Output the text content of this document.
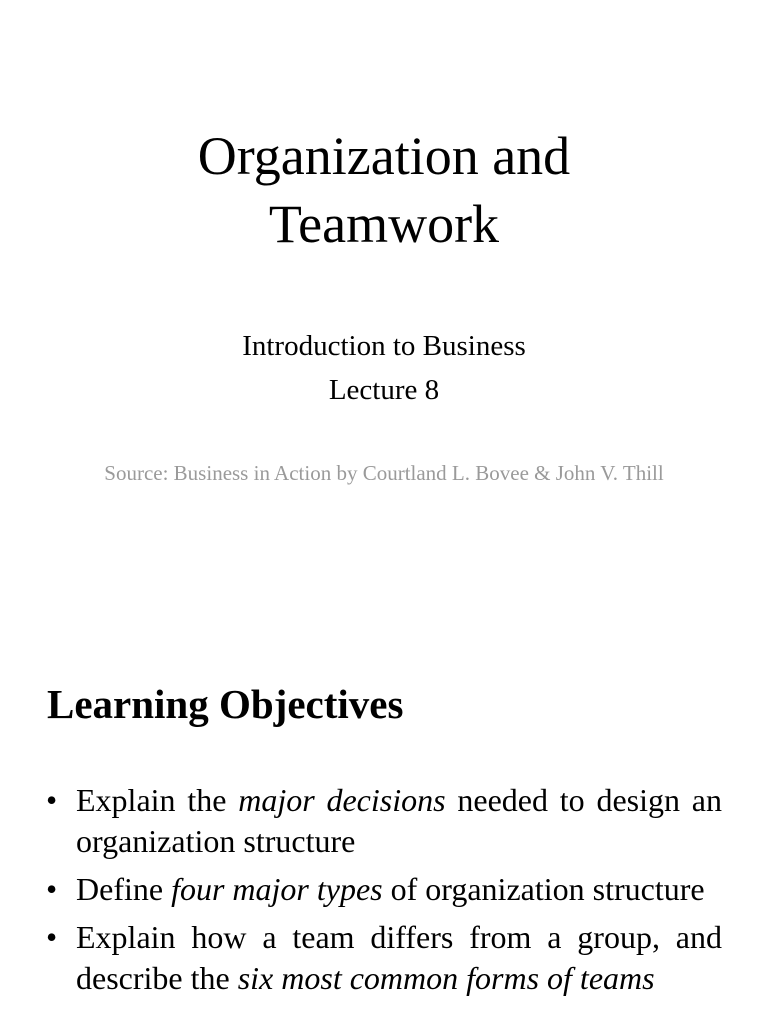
Organization and
Teamwork
Introduction to Business
Lecture 8
Source: Business in Action by Courtland L. Bovee & John V. Thill
Learning Objectives
• Explain the major decisions needed to design an organization structure
• Define four major types of organization structure
• Explain how a team differs from a group, and describe the six most common forms of teams
